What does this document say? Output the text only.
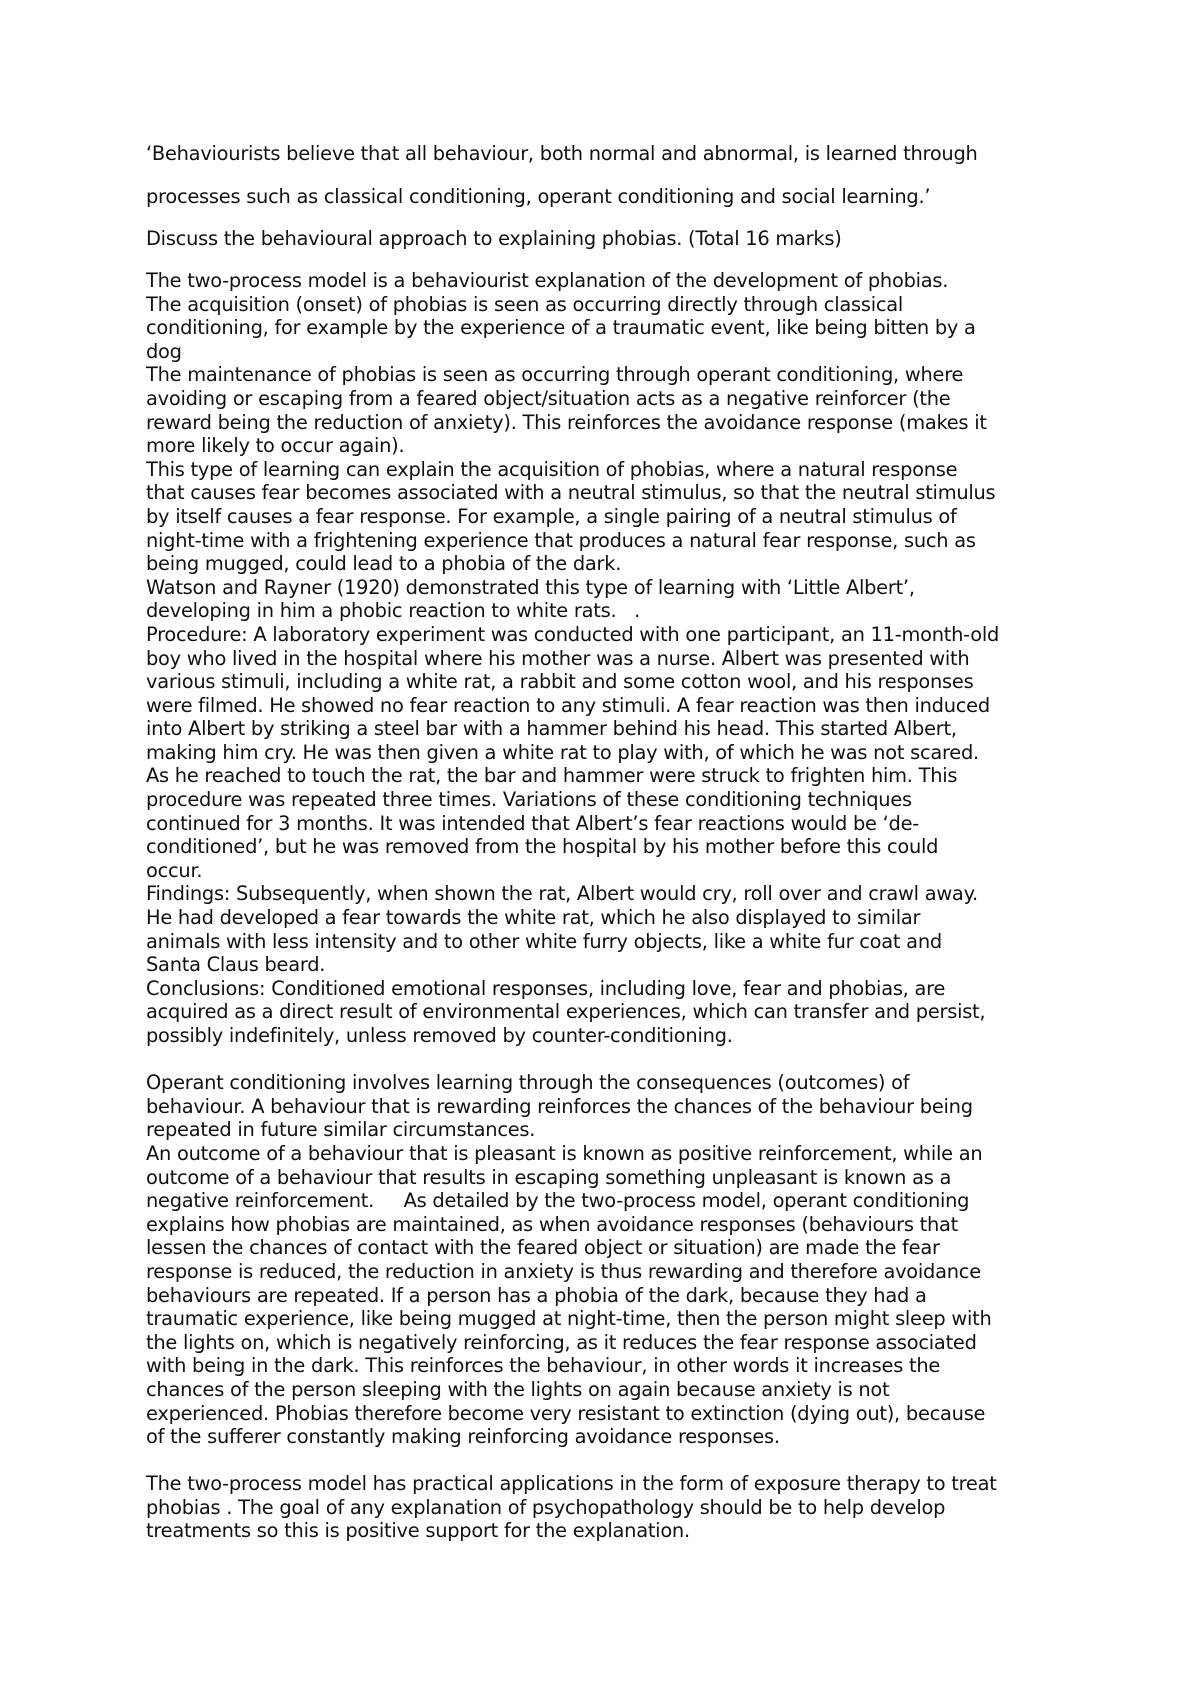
‘Behaviourists believe that all behaviour, both normal and abnormal, is learned through
processes such as classical conditioning, operant conditioning and social learning.’
Discuss the behavioural approach to explaining phobias. (Total 16 marks)
The two-process model is a behaviourist explanation of the development of phobias.
The acquisition (onset) of phobias is seen as occurring directly through classical
conditioning, for example by the experience of a traumatic event, like being bitten by a
dog
The maintenance of phobias is seen as occurring through operant conditioning, where
avoiding or escaping from a feared object/situation acts as a negative reinforcer (the
reward being the reduction of anxiety). This reinforces the avoidance response (makes it
more likely to occur again).
This type of learning can explain the acquisition of phobias, where a natural response
that causes fear becomes associated with a neutral stimulus, so that the neutral stimulus
by itself causes a fear response. For example, a single pairing of a neutral stimulus of
night-time with a frightening experience that produces a natural fear response, such as
being mugged, could lead to a phobia of the dark.
Watson and Rayner (1920) demonstrated this type of learning with ‘Little Albert’,
developing in him a phobic reaction to white rats.   .
Procedure: A laboratory experiment was conducted with one participant, an 11-month-old
boy who lived in the hospital where his mother was a nurse. Albert was presented with
various stimuli, including a white rat, a rabbit and some cotton wool, and his responses
were filmed. He showed no fear reaction to any stimuli. A fear reaction was then induced
into Albert by striking a steel bar with a hammer behind his head. This started Albert,
making him cry. He was then given a white rat to play with, of which he was not scared.
As he reached to touch the rat, the bar and hammer were struck to frighten him. This
procedure was repeated three times. Variations of these conditioning techniques
continued for 3 months. It was intended that Albert’s fear reactions would be ‘de-
conditioned’, but he was removed from the hospital by his mother before this could
occur.
Findings: Subsequently, when shown the rat, Albert would cry, roll over and crawl away.
He had developed a fear towards the white rat, which he also displayed to similar
animals with less intensity and to other white furry objects, like a white fur coat and
Santa Claus beard.
Conclusions: Conditioned emotional responses, including love, fear and phobias, are
acquired as a direct result of environmental experiences, which can transfer and persist,
possibly indefinitely, unless removed by counter-conditioning.
Operant conditioning involves learning through the consequences (outcomes) of
behaviour. A behaviour that is rewarding reinforces the chances of the behaviour being
repeated in future similar circumstances.
An outcome of a behaviour that is pleasant is known as positive reinforcement, while an
outcome of a behaviour that results in escaping something unpleasant is known as a
negative reinforcement.     As detailed by the two-process model, operant conditioning
explains how phobias are maintained, as when avoidance responses (behaviours that
lessen the chances of contact with the feared object or situation) are made the fear
response is reduced, the reduction in anxiety is thus rewarding and therefore avoidance
behaviours are repeated. If a person has a phobia of the dark, because they had a
traumatic experience, like being mugged at night-time, then the person might sleep with
the lights on, which is negatively reinforcing, as it reduces the fear response associated
with being in the dark. This reinforces the behaviour, in other words it increases the
chances of the person sleeping with the lights on again because anxiety is not
experienced. Phobias therefore become very resistant to extinction (dying out), because
of the sufferer constantly making reinforcing avoidance responses.
The two-process model has practical applications in the form of exposure therapy to treat
phobias . The goal of any explanation of psychopathology should be to help develop
treatments so this is positive support for the explanation.
